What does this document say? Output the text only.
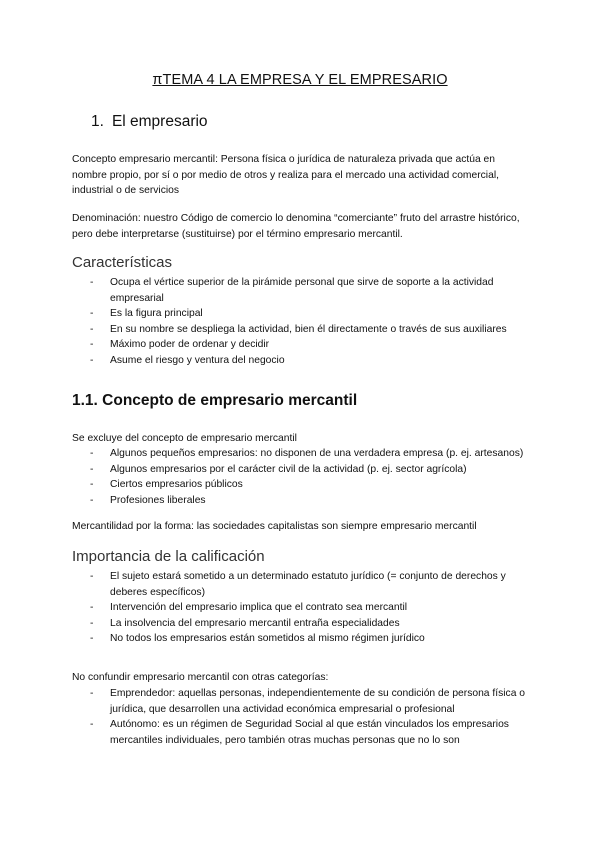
πTEMA 4 LA EMPRESA Y EL EMPRESARIO
1. El empresario
Concepto empresario mercantil: Persona física o jurídica de naturaleza privada que actúa en nombre propio, por sí o por medio de otros y realiza para el mercado una actividad comercial, industrial o de servicios
Denominación: nuestro Código de comercio lo denomina “comerciante” fruto del arrastre histórico, pero debe interpretarse (sustituirse) por el término empresario mercantil.
Características
- Ocupa el vértice superior de la pirámide personal que sirve de soporte a la actividad empresarial
- Es la figura principal
- En su nombre se despliega la actividad, bien él directamente o través de sus auxiliares
- Máximo poder de ordenar y decidir
- Asume el riesgo y ventura del negocio
1.1. Concepto de empresario mercantil
Se excluye del concepto de empresario mercantil
- Algunos pequeños empresarios: no disponen de una verdadera empresa (p. ej. artesanos)
- Algunos empresarios por el carácter civil de la actividad (p. ej. sector agrícola)
- Ciertos empresarios públicos
- Profesiones liberales
Mercantilidad por la forma: las sociedades capitalistas son siempre empresario mercantil
Importancia de la calificación
- El sujeto estará sometido a un determinado estatuto jurídico (= conjunto de derechos y deberes específicos)
- Intervención del empresario implica que el contrato sea mercantil
- La insolvencia del empresario mercantil entraña especialidades
- No todos los empresarios están sometidos al mismo régimen jurídico
No confundir empresario mercantil con otras categorías:
- Emprendedor: aquellas personas, independientemente de su condición de persona física o jurídica, que desarrollen una actividad económica empresarial o profesional
- Autónomo: es un régimen de Seguridad Social al que están vinculados los empresarios mercantiles individuales, pero también otras muchas personas que no lo son
